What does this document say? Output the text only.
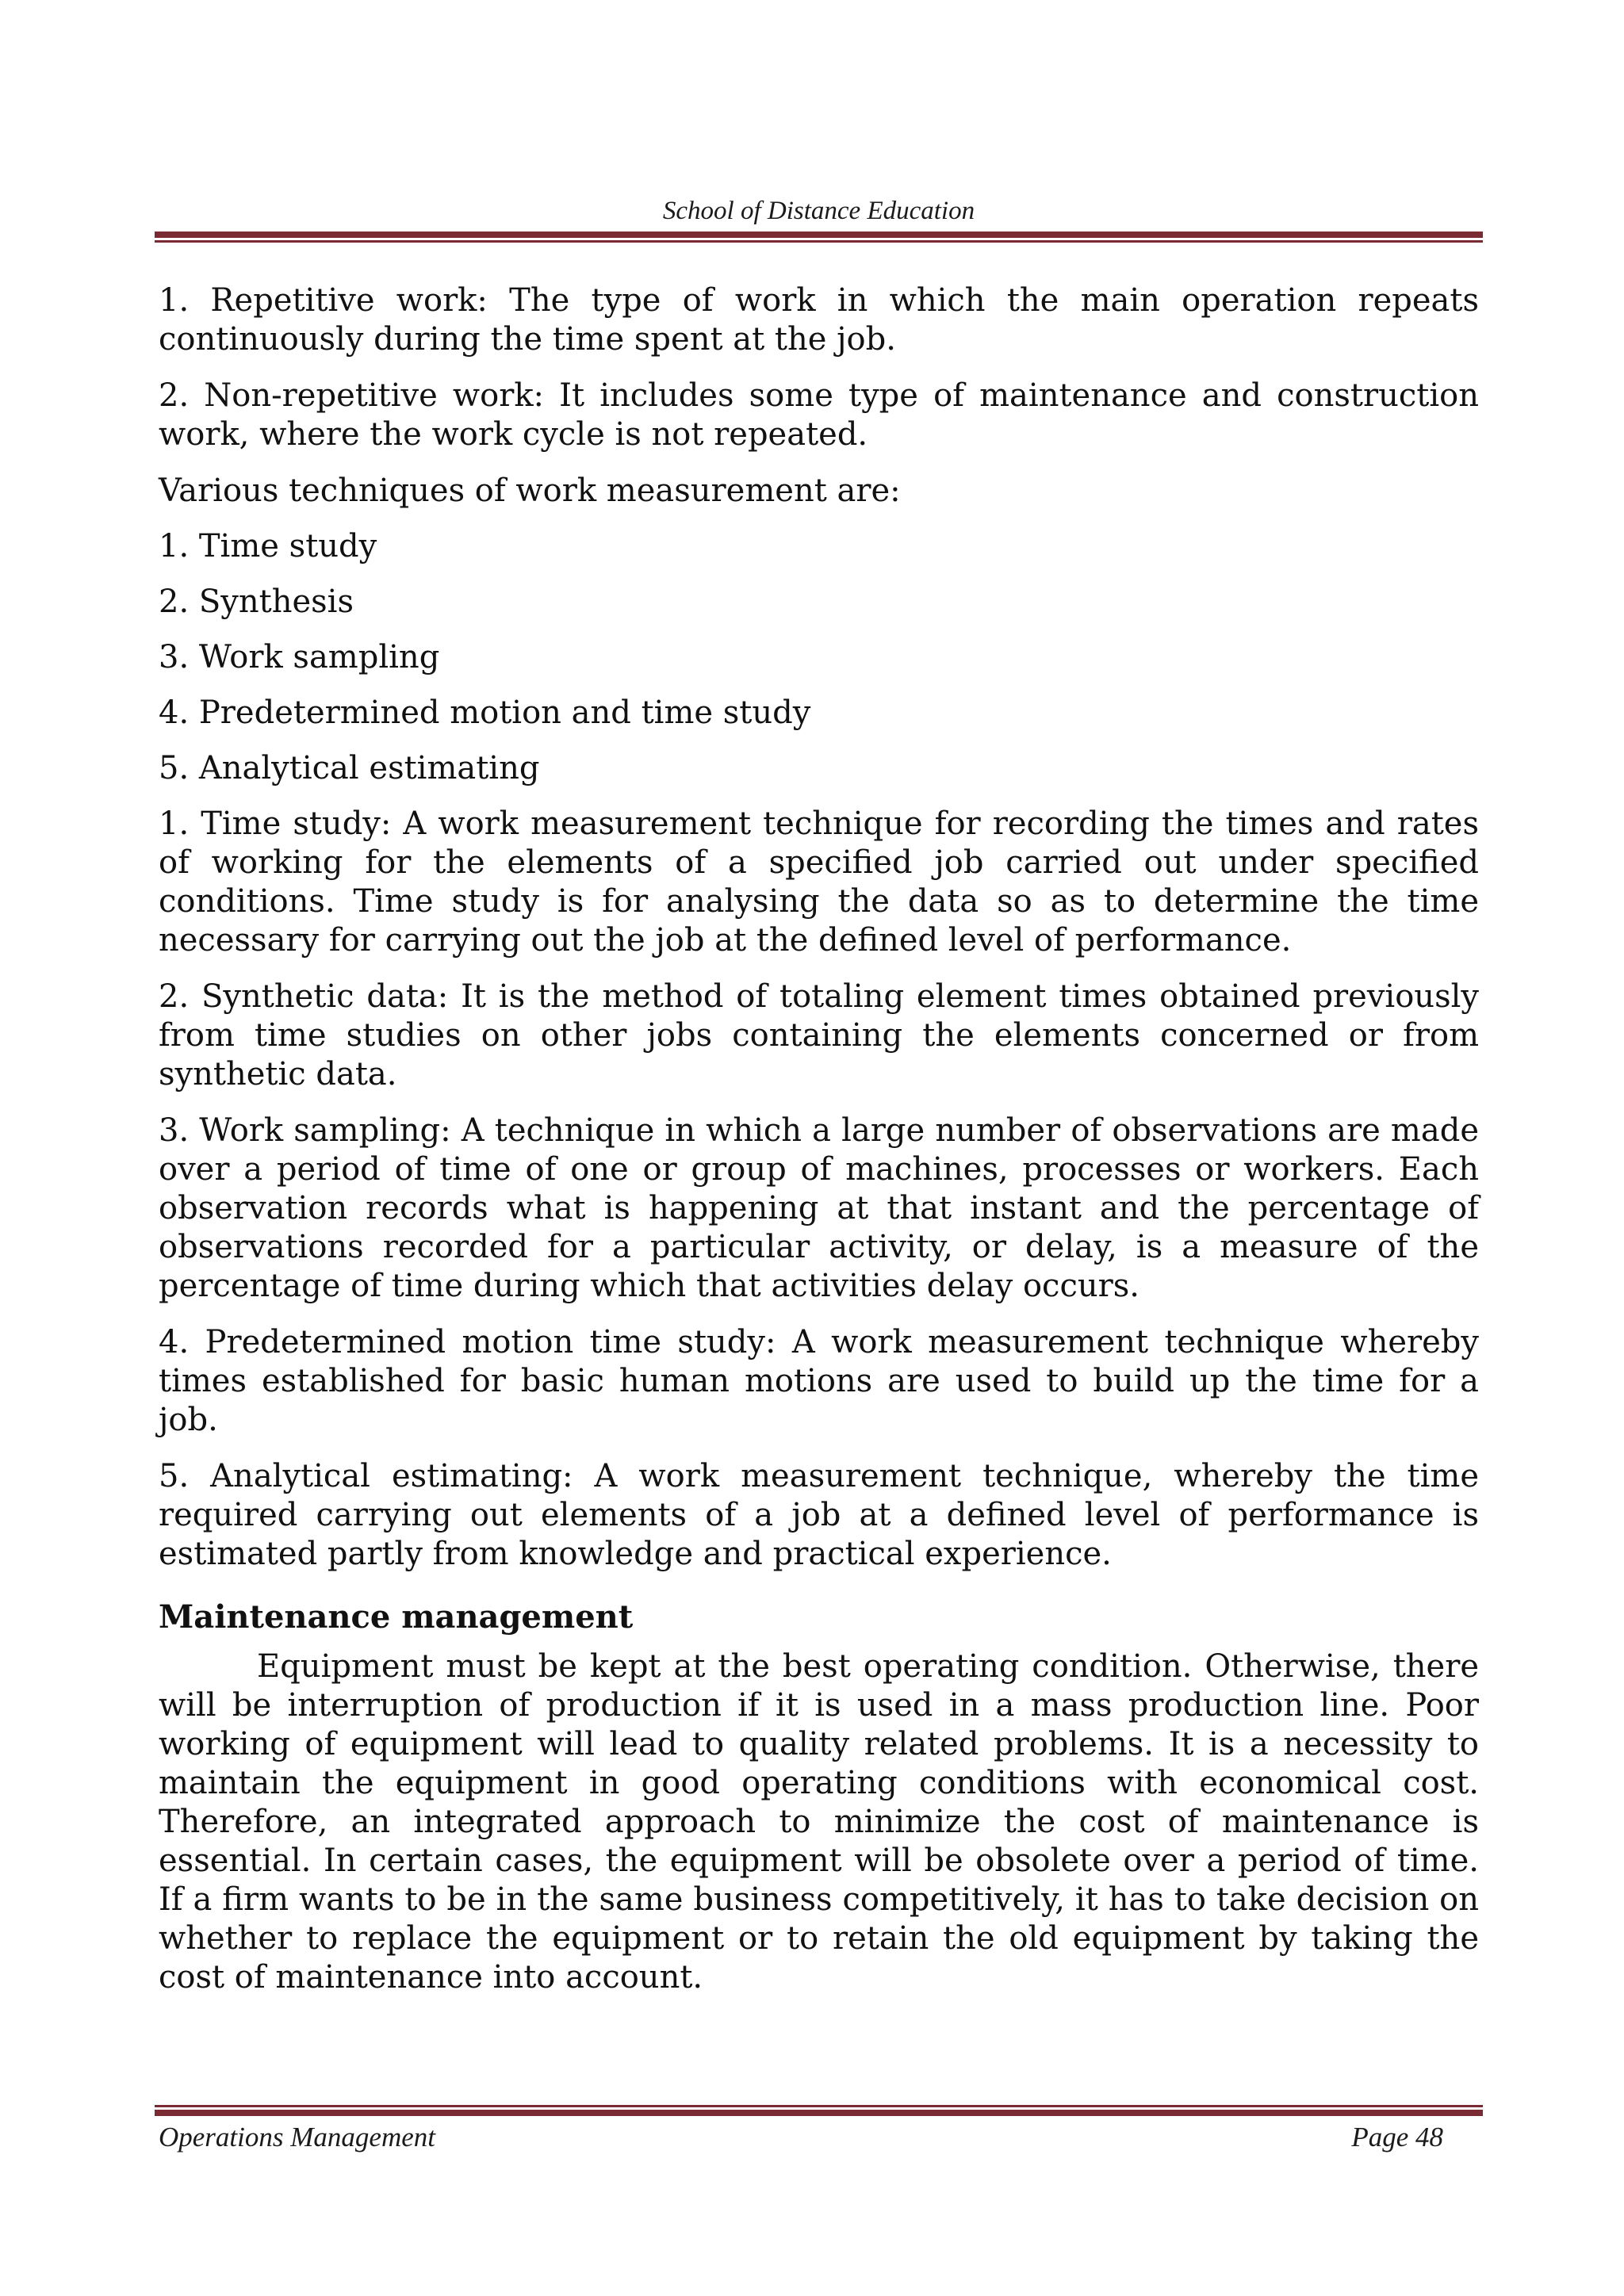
School of Distance Education

1. Repetitive work: The type of work in which the main operation repeats continuously during the time spent at the job.

2. Non-repetitive work: It includes some type of maintenance and construction work, where the work cycle is not repeated.

Various techniques of work measurement are:

1. Time study

2. Synthesis

3. Work sampling

4. Predetermined motion and time study

5. Analytical estimating

1. Time study: A work measurement technique for recording the times and rates of working for the elements of a specified job carried out under specified conditions. Time study is for analysing the data so as to determine the time necessary for carrying out the job at the defined level of performance.

2. Synthetic data: It is the method of totaling element times obtained previously from time studies on other jobs containing the elements concerned or from synthetic data.

3. Work sampling: A technique in which a large number of observations are made over a period of time of one or group of machines, processes or workers. Each observation records what is happening at that instant and the percentage of observations recorded for a particular activity, or delay, is a measure of the percentage of time during which that activities delay occurs.

4. Predetermined motion time study: A work measurement technique whereby times established for basic human motions are used to build up the time for a job.

5. Analytical estimating: A work measurement technique, whereby the time required carrying out elements of a job at a defined level of performance is estimated partly from knowledge and practical experience.

Maintenance management

Equipment must be kept at the best operating condition. Otherwise, there will be interruption of production if it is used in a mass production line. Poor working of equipment will lead to quality related problems. It is a necessity to maintain the equipment in good operating conditions with economical cost. Therefore, an integrated approach to minimize the cost of maintenance is essential. In certain cases, the equipment will be obsolete over a period of time. If a firm wants to be in the same business competitively, it has to take decision on whether to replace the equipment or to retain the old equipment by taking the cost of maintenance into account.

Operations Management	Page 48
